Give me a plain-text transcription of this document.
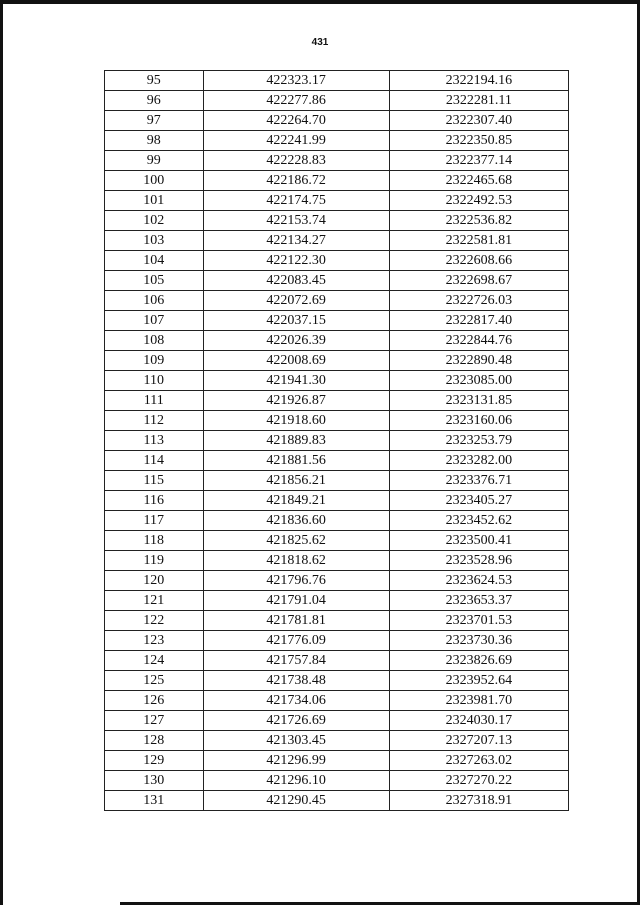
431
95	422323.17	2322194.16
96	422277.86	2322281.11
97	422264.70	2322307.40
98	422241.99	2322350.85
99	422228.83	2322377.14
100	422186.72	2322465.68
101	422174.75	2322492.53
102	422153.74	2322536.82
103	422134.27	2322581.81
104	422122.30	2322608.66
105	422083.45	2322698.67
106	422072.69	2322726.03
107	422037.15	2322817.40
108	422026.39	2322844.76
109	422008.69	2322890.48
110	421941.30	2323085.00
111	421926.87	2323131.85
112	421918.60	2323160.06
113	421889.83	2323253.79
114	421881.56	2323282.00
115	421856.21	2323376.71
116	421849.21	2323405.27
117	421836.60	2323452.62
118	421825.62	2323500.41
119	421818.62	2323528.96
120	421796.76	2323624.53
121	421791.04	2323653.37
122	421781.81	2323701.53
123	421776.09	2323730.36
124	421757.84	2323826.69
125	421738.48	2323952.64
126	421734.06	2323981.70
127	421726.69	2324030.17
128	421303.45	2327207.13
129	421296.99	2327263.02
130	421296.10	2327270.22
131	421290.45	2327318.91
